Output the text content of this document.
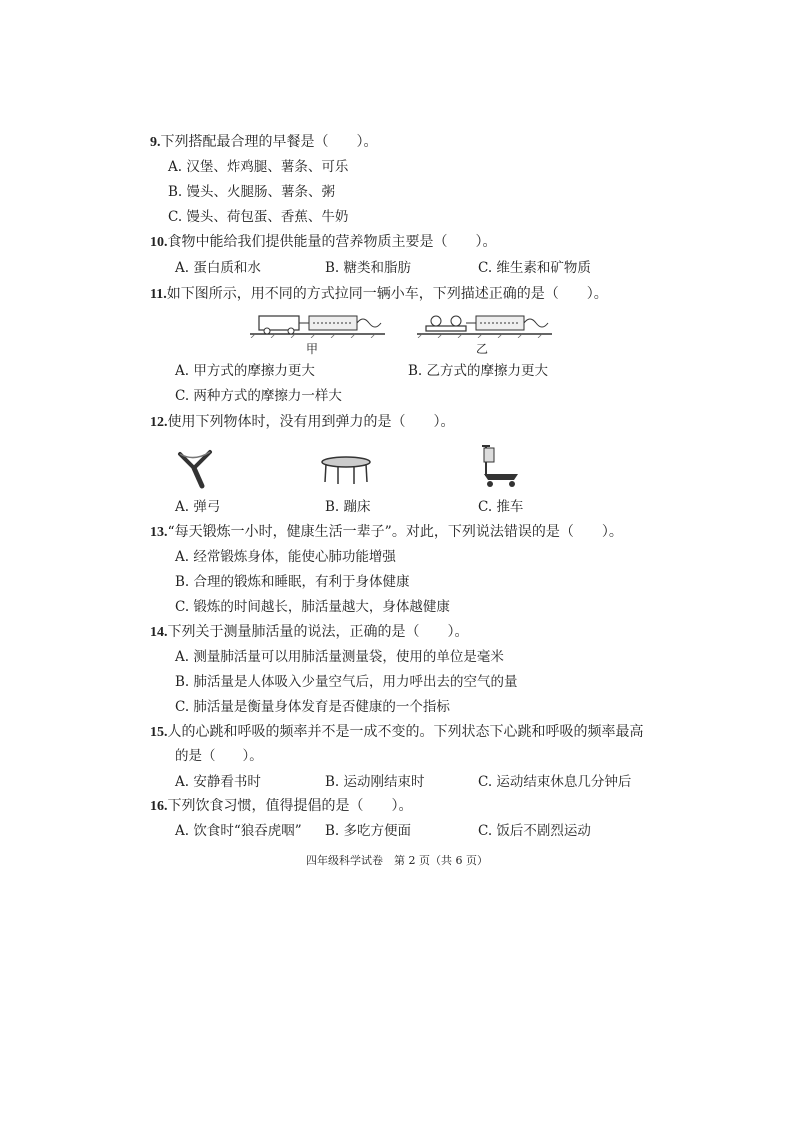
9.下列搭配最合理的早餐是（　　）。
A. 汉堡、炸鸡腿、薯条、可乐
B. 馒头、火腿肠、薯条、粥
C. 馒头、荷包蛋、香蕉、牛奶
10.食物中能给我们提供能量的营养物质主要是（　　）。
A. 蛋白质和水	B. 糖类和脂肪	C. 维生素和矿物质
11.如下图所示，用不同的方式拉同一辆小车，下列描述正确的是（　　）。
甲	乙
A. 甲方式的摩擦力更大	B. 乙方式的摩擦力更大
C. 两种方式的摩擦力一样大
12.使用下列物体时，没有用到弹力的是（　　）。
A. 弹弓	B. 蹦床	C. 推车
13.“每天锻炼一小时，健康生活一辈子”。对此，下列说法错误的是（　　）。
A. 经常锻炼身体，能使心肺功能增强
B. 合理的锻炼和睡眠，有利于身体健康
C. 锻炼的时间越长，肺活量越大，身体越健康
14.下列关于测量肺活量的说法，正确的是（　　）。
A. 测量肺活量可以用肺活量测量袋，使用的单位是毫米
B. 肺活量是人体吸入少量空气后，用力呼出去的空气的量
C. 肺活量是衡量身体发育是否健康的一个指标
15.人的心跳和呼吸的频率并不是一成不变的。下列状态下心跳和呼吸的频率最高
的是（　　）。
A. 安静看书时	B. 运动刚结束时	C. 运动结束休息几分钟后
16.下列饮食习惯，值得提倡的是（　　）。
A. 饮食时“狼吞虎咽” B. 多吃方便面	C. 饭后不剧烈运动
四年级科学试卷　第 2 页（共 6 页）
